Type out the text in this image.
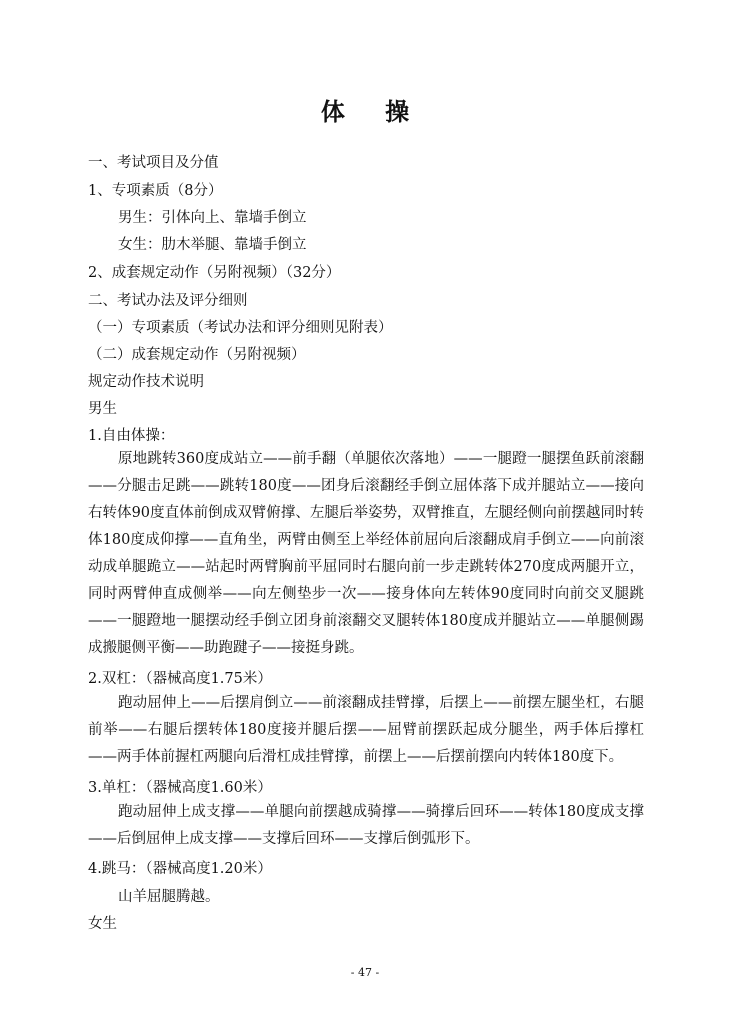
体 操
一、考试项目及分值
1、专项素质（8分）
男生：引体向上、靠墙手倒立
女生：肋木举腿、靠墙手倒立
2、成套规定动作（另附视频）（32分）
二、考试办法及评分细则
（一）专项素质（考试办法和评分细则见附表）
（二）成套规定动作（另附视频）
规定动作技术说明
男生
1.自由体操：
原地跳转360度成站立——前手翻（单腿依次落地）——一腿蹬一腿摆鱼跃前滚翻——分腿击足跳——跳转180度——团身后滚翻经手倒立屈体落下成并腿站立——接向右转体90度直体前倒成双臂俯撑、左腿后举姿势，双臂推直，左腿经侧向前摆越同时转体180度成仰撑——直角坐，两臂由侧至上举经体前屈向后滚翻成肩手倒立——向前滚动成单腿跪立——站起时两臂胸前平屈同时右腿向前一步走跳转体270度成两腿开立，同时两臂伸直成侧举——向左侧垫步一次——接身体向左转体90度同时向前交叉腿跳——一腿蹬地一腿摆动经手倒立团身前滚翻交叉腿转体180度成并腿站立——单腿侧踢成搬腿侧平衡——助跑踺子——接挺身跳。
2.双杠：（器械高度1.75米）
跑动屈伸上——后摆肩倒立——前滚翻成挂臂撑，后摆上——前摆左腿坐杠，右腿前举——右腿后摆转体180度接并腿后摆——屈臂前摆跃起成分腿坐，两手体后撑杠——两手体前握杠两腿向后滑杠成挂臂撑，前摆上——后摆前摆向内转体180度下。
3.单杠：（器械高度1.60米）
跑动屈伸上成支撑——单腿向前摆越成骑撑——骑撑后回环——转体180度成支撑——后倒屈伸上成支撑——支撑后回环——支撑后倒弧形下。
4.跳马：（器械高度1.20米）
山羊屈腿腾越。
女生
- 47 -
